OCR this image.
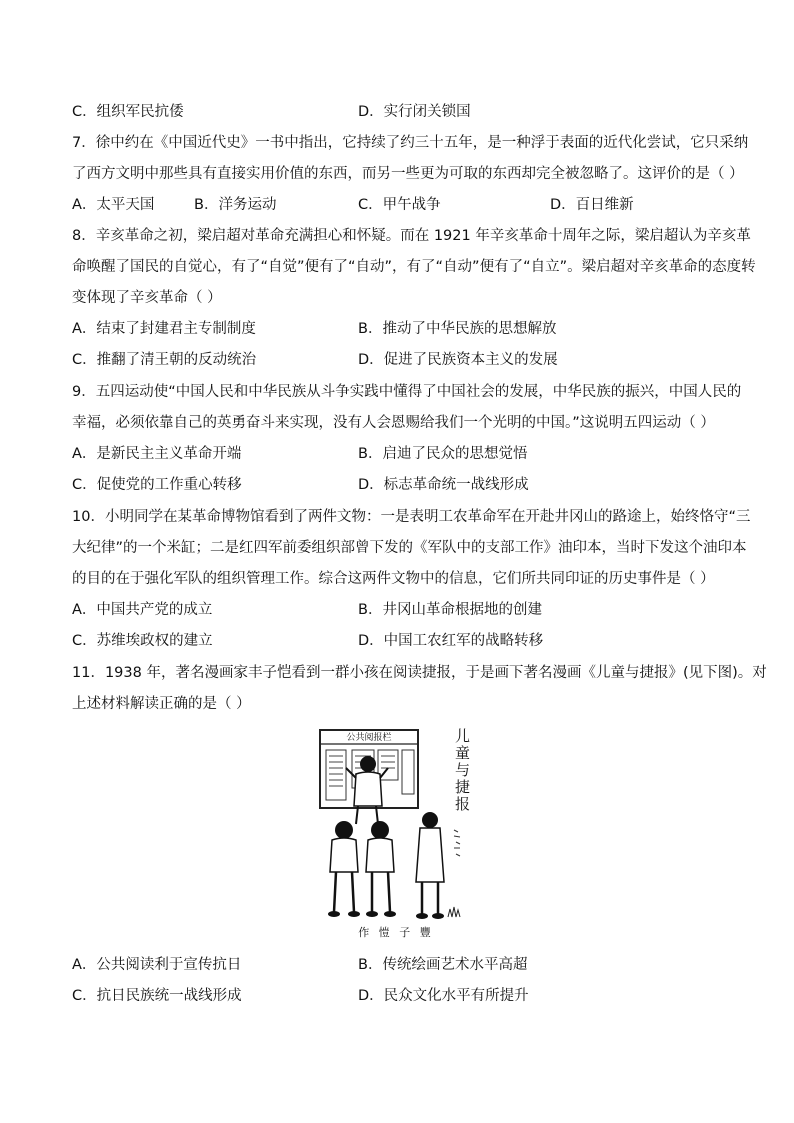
C．组织军民抗倭	D．实行闭关锁国
7．徐中约在《中国近代史》一书中指出，它持续了约三十五年，是一种浮于表面的近代化尝试，它只采纳
了西方文明中那些具有直接实用价值的东西，而另一些更为可取的东西却完全被忽略了。这评价的是（ ）
A．太平天国	B．洋务运动	C．甲午战争	D．百日维新
8．辛亥革命之初，梁启超对革命充满担心和怀疑。而在 1921 年辛亥革命十周年之际，梁启超认为辛亥革
命唤醒了国民的自觉心，有了“自觉”便有了“自动”，有了“自动”便有了“自立”。梁启超对辛亥革命的态度转
变体现了辛亥革命（ ）
A．结束了封建君主专制制度	B．推动了中华民族的思想解放
C．推翻了清王朝的反动统治	D．促进了民族资本主义的发展
9．五四运动使“中国人民和中华民族从斗争实践中懂得了中国社会的发展，中华民族的振兴，中国人民的
幸福，必须依靠自己的英勇奋斗来实现，没有人会恩赐给我们一个光明的中国。”这说明五四运动（ ）
A．是新民主主义革命开端	B．启迪了民众的思想觉悟
C．促使党的工作重心转移	D．标志革命统一战线形成
10．小明同学在某革命博物馆看到了两件文物：一是表明工农革命军在开赴井冈山的路途上，始终恪守“三
大纪律”的一个米缸；二是红四军前委组织部曾下发的《军队中的支部工作》油印本，当时下发这个油印本
的目的在于强化军队的组织管理工作。综合这两件文物中的信息，它们所共同印证的历史事件是（ ）
A．中国共产党的成立	B．井冈山革命根据地的创建
C．苏维埃政权的建立	D．中国工农红军的战略转移
11．1938 年，著名漫画家丰子恺看到一群小孩在阅读捷报，于是画下著名漫画《儿童与捷报》(见下图)。对
上述材料解读正确的是（ ）
公共阅报栏	儿童与捷报
作 愷 子 豐
A．公共阅读利于宣传抗日	B．传统绘画艺术水平高超
C．抗日民族统一战线形成	D．民众文化水平有所提升
